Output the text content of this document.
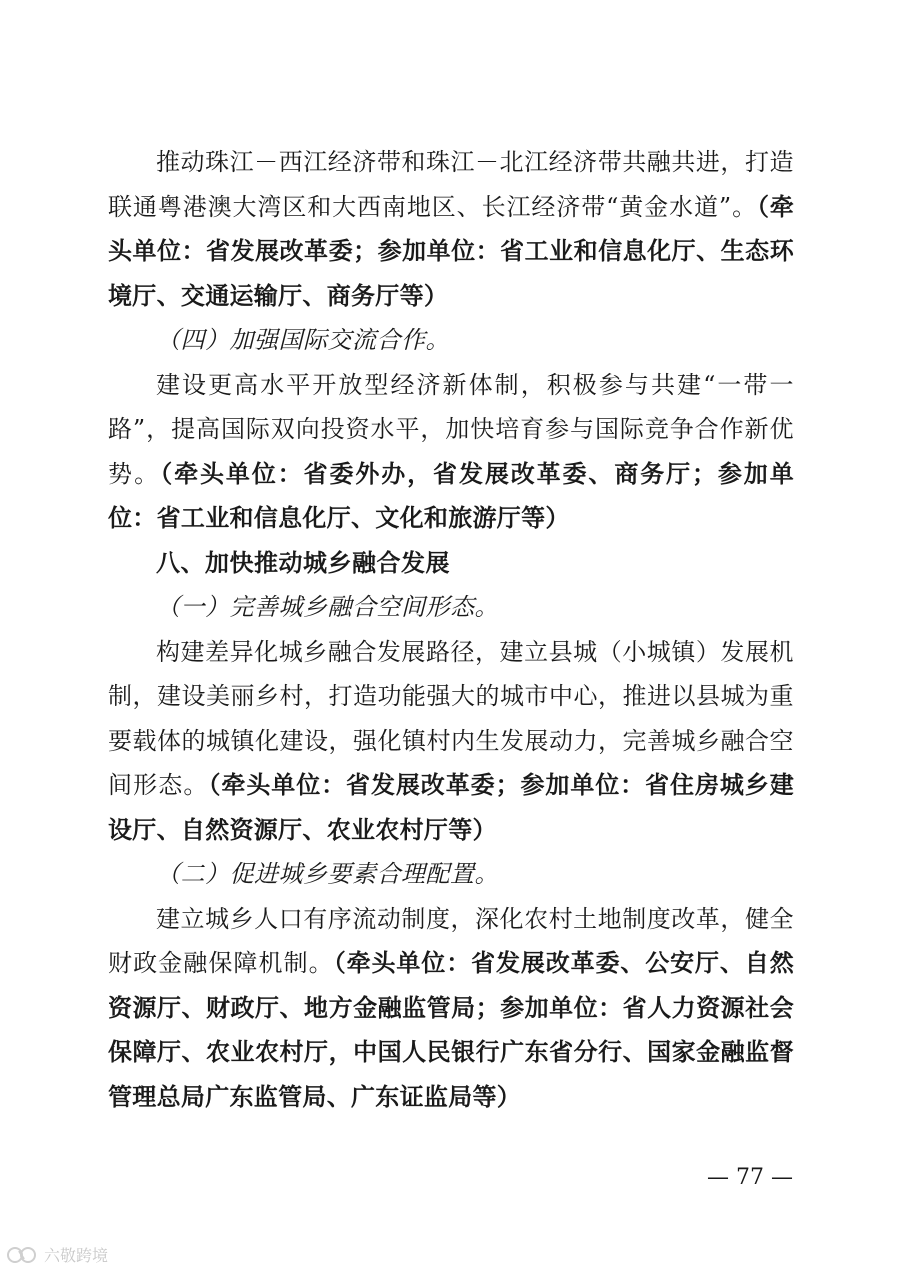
推动珠江－西江经济带和珠江－北江经济带共融共进，打造联通粤港澳大湾区和大西南地区、长江经济带“黄金水道”。（牵头单位：省发展改革委；参加单位：省工业和信息化厅、生态环境厅、交通运输厅、商务厅等）

（四）加强国际交流合作。

建设更高水平开放型经济新体制，积极参与共建“一带一路”，提高国际双向投资水平，加快培育参与国际竞争合作新优势。（牵头单位：省委外办，省发展改革委、商务厅；参加单位：省工业和信息化厅、文化和旅游厅等）

八、加快推动城乡融合发展

（一）完善城乡融合空间形态。

构建差异化城乡融合发展路径，建立县城（小城镇）发展机制，建设美丽乡村，打造功能强大的城市中心，推进以县城为重要载体的城镇化建设，强化镇村内生发展动力，完善城乡融合空间形态。（牵头单位：省发展改革委；参加单位：省住房城乡建设厅、自然资源厅、农业农村厅等）

（二）促进城乡要素合理配置。

建立城乡人口有序流动制度，深化农村土地制度改革，健全财政金融保障机制。（牵头单位：省发展改革委、公安厅、自然资源厅、财政厅、地方金融监管局；参加单位：省人力资源社会保障厅、农业农村厅，中国人民银行广东省分行、国家金融监督管理总局广东监管局、广东证监局等）

— 77 —
六敬跨境
